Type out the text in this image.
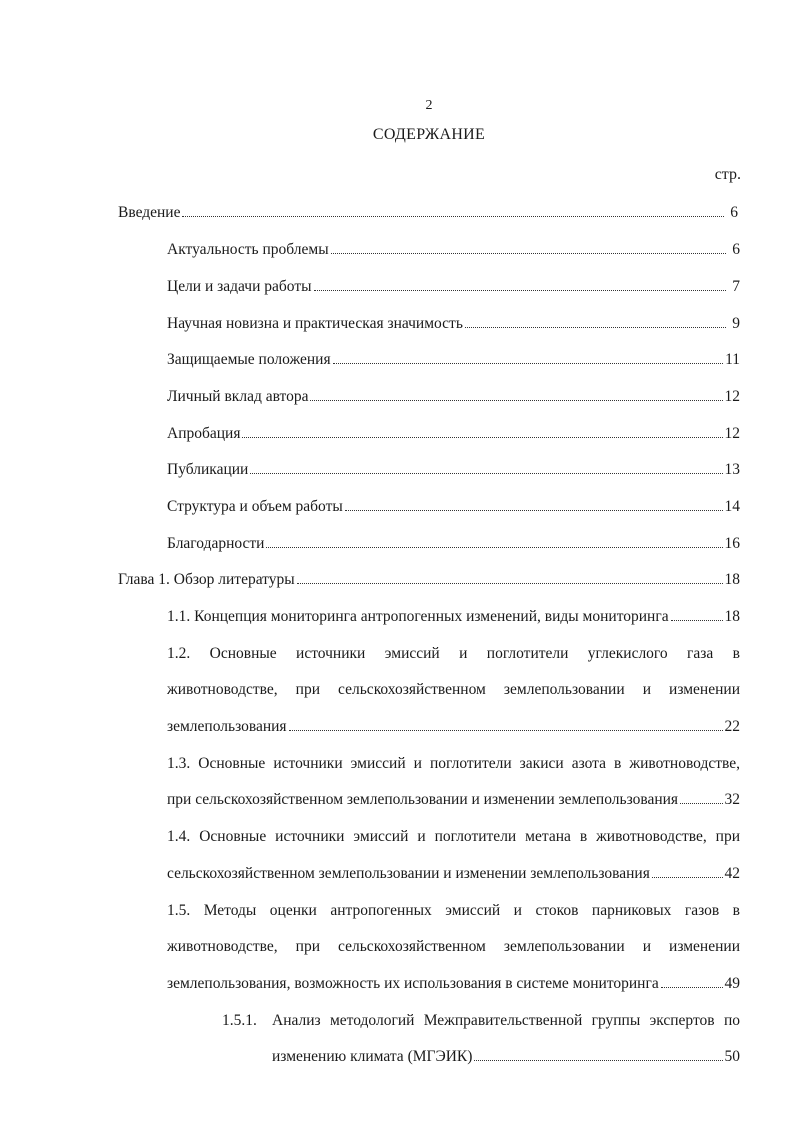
2
СОДЕРЖАНИЕ
стр.
Введение	6
Актуальность проблемы	6
Цели и задачи работы	7
Научная новизна и практическая значимость	9
Защищаемые положения	11
Личный вклад автора	12
Апробация	12
Публикации	13
Структура и объем работы	14
Благодарности	16
Глава 1. Обзор литературы	18
1.1. Концепция мониторинга антропогенных изменений, виды мониторинга	18
1.2. Основные источники эмиссий и поглотители углекислого газа в
животноводстве, при сельскохозяйственном землепользовании и изменении
землепользования	22
1.3. Основные источники эмиссий и поглотители закиси азота в животноводстве,
при сельскохозяйственном землепользовании и изменении землепользования	32
1.4. Основные источники эмиссий и поглотители метана в животноводстве, при
сельскохозяйственном землепользовании и изменении землепользования	42
1.5. Методы оценки антропогенных эмиссий и стоков парниковых газов в
животноводстве, при сельскохозяйственном землепользовании и изменении
землепользования, возможность их использования в системе мониторинга	49
1.5.1. Анализ методологий Межправительственной группы экспертов по
изменению климата (МГЭИК)	50
